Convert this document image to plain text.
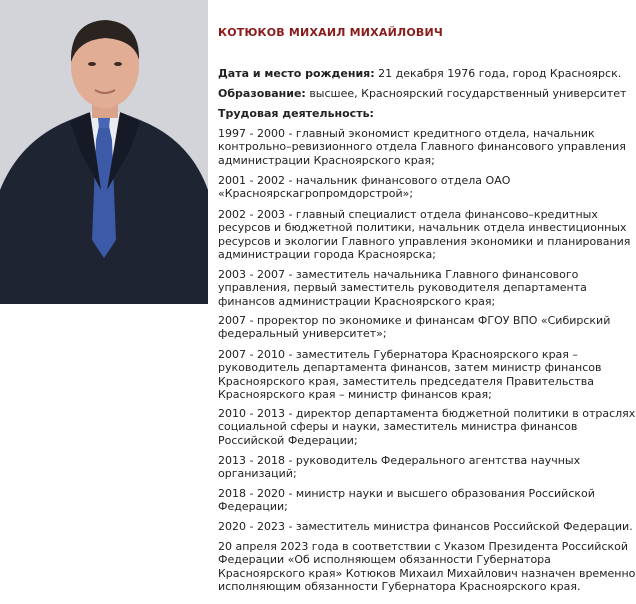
КОТЮКОВ МИХАИЛ МИХАЙЛОВИЧ
Дата и место рождения: 21 декабря 1976 года, город Красноярск.
Образование: высшее, Красноярский государственный университет
Трудовая деятельность:
1997 - 2000 - главный экономист кредитного отдела, начальник контрольно–ревизионного отдела Главного финансового управления администрации Красноярского края;
2001 - 2002 - начальник финансового отдела ОАО «Красноярскагропромдорстрой»;
2002 - 2003 - главный специалист отдела финансово–кредитных ресурсов и бюджетной политики, начальник отдела инвестиционных ресурсов и экологии Главного управления экономики и планирования администрации города Красноярска;
2003 - 2007 - заместитель начальника Главного финансового управления, первый заместитель руководителя департамента финансов администрации Красноярского края;
2007 - проректор по экономике и финансам ФГОУ ВПО «Сибирский федеральный университет»;
2007 - 2010 - заместитель Губернатора Красноярского края – руководитель департамента финансов, затем министр финансов Красноярского края, заместитель председателя Правительства Красноярского края – министр финансов края;
2010 - 2013 - директор департамента бюджетной политики в отраслях социальной сферы и науки, заместитель министра финансов Российской Федерации;
2013 - 2018 - руководитель Федерального агентства научных организаций;
2018 - 2020 - министр науки и высшего образования Российской Федерации;
2020 - 2023 - заместитель министра финансов Российской Федерации.
20 апреля 2023 года в соответствии с Указом Президента Российской Федерации «Об исполняющем обязанности Губернатора Красноярского края» Котюков Михаил Михайлович назначен временно исполняющим обязанности Губернатора Красноярского края.
